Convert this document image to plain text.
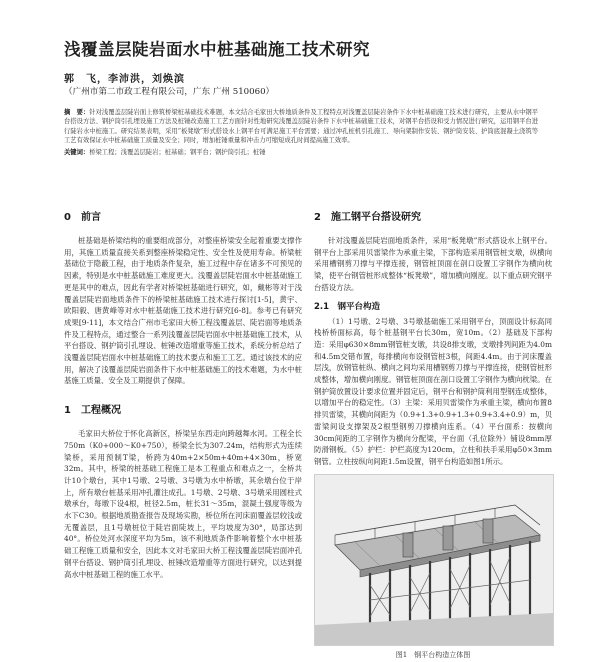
浅覆盖层陡岩面水中桩基础施工技术研究
郭　飞，李沛洪，刘焕滨
（广州市第二市政工程有限公司，广东 广州 510060）
摘　要：针对浅覆盖层陡岩面上修筑桥梁桩基础技术难题，本文结合毛家田大桥地质条件及工程特点对浅覆盖层陡岩条件下水中桩基础施工技术进行研究，主要从水中钢平台搭设方法、钢护筒引孔埋设施工方法及桩锤改造施工工艺方面针对性地研究浅覆盖层陡岩条件下水中桩基础施工技术，对钢平台搭设和受力情况进行研究，运用钢平台进行陡岩水中桩施工。研究结果表明，采用“板凳墩”形式搭设水上钢平台可满足施工平台需要；通过冲孔桩机引孔施工、导向架制作安装、钢护筒安装、护筒底混凝土浇筑等工艺有效保证水中桩基础施工质量及安全；同时，增加桩锤重量和冲击力可缩短成孔时间提高施工效率。
关键词：桥梁工程；浅覆盖层陡岩；桩基础；钢平台；钢护筒引孔；桩锤
0　前言

桩基础是桥梁结构的重要组成部分，对整座桥梁安全起着重要支撑作用，其施工质量直接关系到整座桥梁稳定性、安全性及使用寿命。桥梁桩基础位于隐蔽工程，由于地质条件复杂，施工过程中存在诸多不可预见的因素，特别是水中桩基础施工难度更大。浅覆盖层陡岩面水中桩基础施工更是其中的难点，因此有学者对桥梁桩基础进行研究，如，戴彬等对于浅覆盖层陡岩面地质条件下的桥梁桩基础施工技术进行探讨[1-5]，黄宇、欧阳毅、唐黄峰等对水中桩基础施工技术进行研究[6-8]。参考已有研究成果[9-11]，本文结合广州市毛家田大桥工程浅覆盖层、陡岩面等地质条件及工程特点，通过整合一系列浅覆盖层陡岩面水中桩基础施工技术，从平台搭设、钢护筒引孔埋设、桩锤改造增重等施工技术，系统分析总结了浅覆盖层陡岩面水中桩基础施工的技术要点和施工工艺。通过该技术的应用，解决了浅覆盖层陡岩面条件下水中桩基础施工的技术难题，为水中桩基施工质量、安全及工期提供了保障。

1　工程概况

毛家田大桥位于怀化高新区，桥梁呈东西走向跨越舞水河。工程全长750m（K0+000～K0+750），桥梁全长为307.24m，结构形式为连续梁桥，采用预制T梁，桥跨为40m+2×50m+40m+4×30m，桥宽32m。其中，桥梁的桩基础工程施工是本工程重点和难点之一，全桥共计10个墩台，其中1号墩、2号墩、3号墩为水中桥墩，其余墩台位于岸上，所有墩台桩基采用冲孔灌注成孔。1号墩、2号墩、3号墩采用圆柱式墩承台，每墩下设4根，桩径2.5m，桩长31～35m，混凝土强度等级为水下C30。根据地质勘查报告及现场实勘，桥位所在河床面覆盖层较浅或无覆盖层，且1号墩桩位于陡岩面陡坡上，平均坡度为30°，局部达到40°。桥位处河水深度平均为5m，该不利地质条件影响着整个水中桩基础工程施工质量和安全，因此本文对毛家田大桥工程浅覆盖层陡岩面冲孔钢平台搭设、钢护筒引孔埋设、桩锤改造增重等方面进行研究，以达到提高水中桩基础工程的施工水平。

2　施工钢平台搭设研究

针对浅覆盖层陡岩面地质条件，采用“板凳墩”形式搭设水上钢平台。钢平台上部采用贝雷梁作为承重主梁，下部构造采用钢管桩支墩，纵横向采用槽钢剪刀撑与平撑连接，钢管桩顶面在剖口设置工字钢作为横向枕梁，使平台钢管桩形成整体“板凳墩”，增加横向刚度。以下重点研究钢平台搭设方法。

2.1　钢平台构造

（1）1号墩、2号墩、3号墩基础施工采用钢平台，顶面设计标高同栈桥桥面标高，每个桩基钢平台长30m，宽10m。（2）基础及下部构造：采用φ630×8mm钢管桩支墩，共设8排支墩，支墩排列间距为4.0m和4.5m交错布置，每排横向布设钢管桩3根，间距4.4m。由于河床覆盖层浅，放钢管桩纵、横向之间均采用槽钢剪刀撑与平撑连接，使钢管桩形成整体，增加横向刚度。钢管桩顶面在剖口设置工字钢作为横向枕梁。在钢护筒放置设计要求位置并固定后，钢平台和钢护筒利用型钢连成整体，以增加平台的稳定性。（3）主梁：采用贝雷梁作为承重主梁，横向布置8排贝雷梁，其横向间距为（0.9+1.3+0.9+1.3+0.9+3.4+0.9）m，贝雷梁间设支撑架及2根型钢剪刀撑横向连系。（4）平台面系：按横向30cm间距的工字钢作为横向分配梁，平台面（孔位除外）铺设8mm厚防滑钢板。（5）护栏：护栏高度为120cm，立柱和扶手采用φ50×3mm钢管。立柱按纵向间距1.5m设置，钢平台构造如图1所示。

图1　钢平台构造立体图
